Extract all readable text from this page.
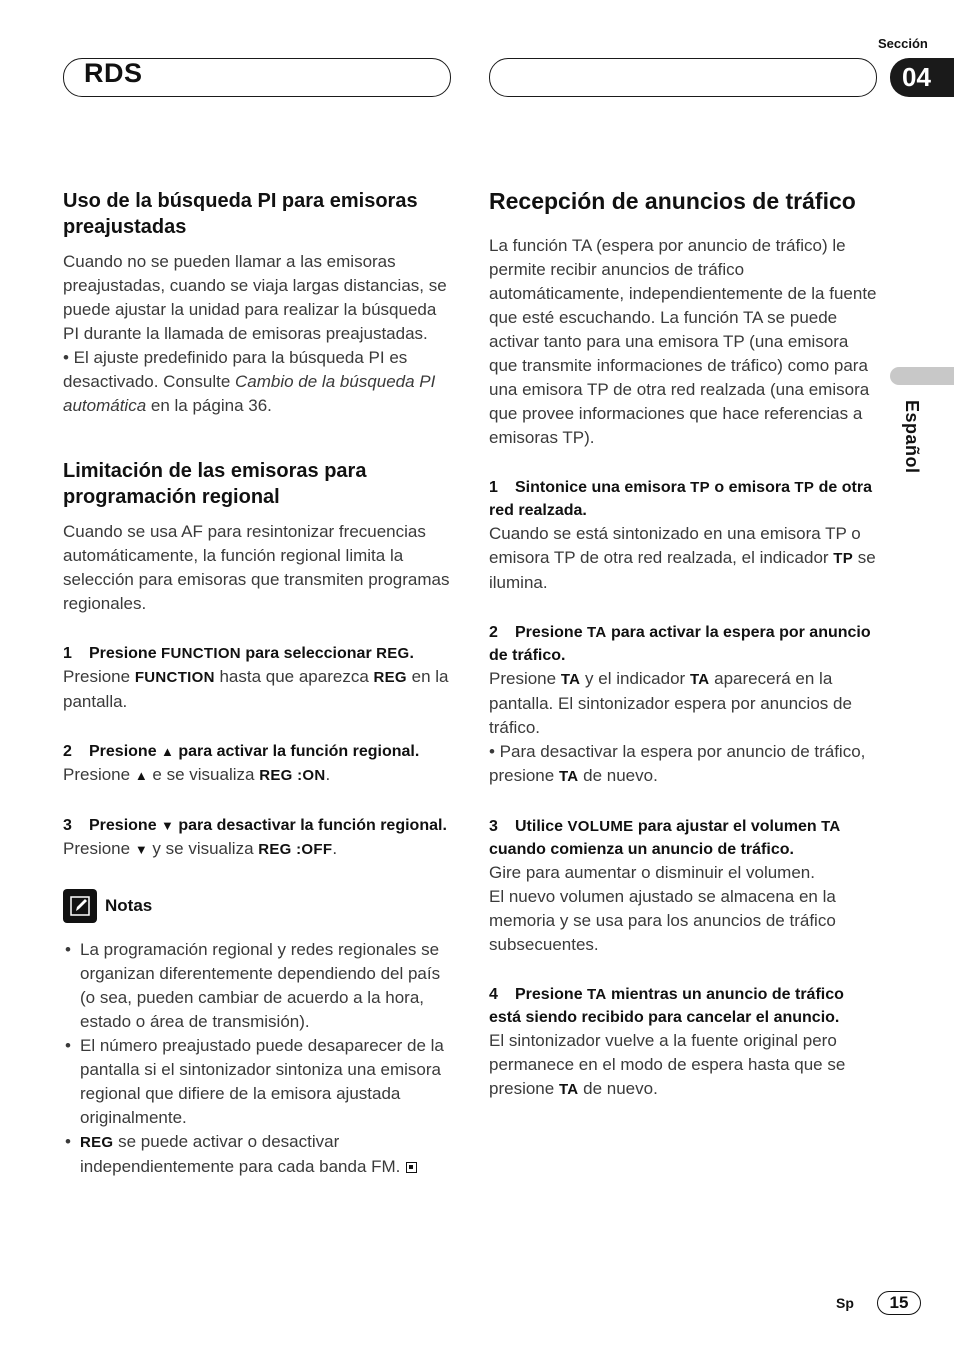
RDS
Sección
04
Español
Uso de la búsqueda PI para emisoras preajustadas

Cuando no se pueden llamar a las emisoras preajustadas, cuando se viaja largas distancias, se puede ajustar la unidad para realizar la búsqueda PI durante la llamada de emisoras preajustadas.

• El ajuste predefinido para la búsqueda PI es desactivado. Consulte Cambio de la búsqueda PI automática en la página 36.

Limitación de las emisoras para programación regional

Cuando se usa AF para resintonizar frecuencias automáticamente, la función regional limita la selección para emisoras que transmiten programas regionales.

1 Presione FUNCTION para seleccionar REG.

Presione FUNCTION hasta que aparezca REG en la pantalla.

2 Presione ▲ para activar la función regional.

Presione ▲ e se visualiza REG :ON.

3 Presione ▼ para desactivar la función regional.

Presione ▼ y se visualiza REG :OFF.

Notas
• La programación regional y redes regionales se organizan diferentemente dependiendo del país (o sea, pueden cambiar de acuerdo a la hora, estado o área de transmisión).
• El número preajustado puede desaparecer de la pantalla si el sintonizador sintoniza una emisora regional que difiere de la emisora ajustada originalmente.
• REG se puede activar o desactivar independientemente para cada banda FM.
Recepción de anuncios de tráfico

La función TA (espera por anuncio de tráfico) le permite recibir anuncios de tráfico automáticamente, independientemente de la fuente que esté escuchando. La función TA se puede activar tanto para una emisora TP (una emisora que transmite informaciones de tráfico) como para una emisora TP de otra red realzada (una emisora que provee informaciones que hace referencias a emisoras TP).

1 Sintonice una emisora TP o emisora TP de otra red realzada.

Cuando se está sintonizado en una emisora TP o emisora TP de otra red realzada, el indicador TP se ilumina.

2 Presione TA para activar la espera por anuncio de tráfico.

Presione TA y el indicador TA aparecerá en la pantalla. El sintonizador espera por anuncios de tráfico.

• Para desactivar la espera por anuncio de tráfico, presione TA de nuevo.

3 Utilice VOLUME para ajustar el volumen TA cuando comienza un anuncio de tráfico.

Gire para aumentar o disminuir el volumen.

El nuevo volumen ajustado se almacena en la memoria y se usa para los anuncios de tráfico subsecuentes.

4 Presione TA mientras un anuncio de tráfico está siendo recibido para cancelar el anuncio.

El sintonizador vuelve a la fuente original pero permanece en el modo de espera hasta que se presione TA de nuevo.

Sp	15
